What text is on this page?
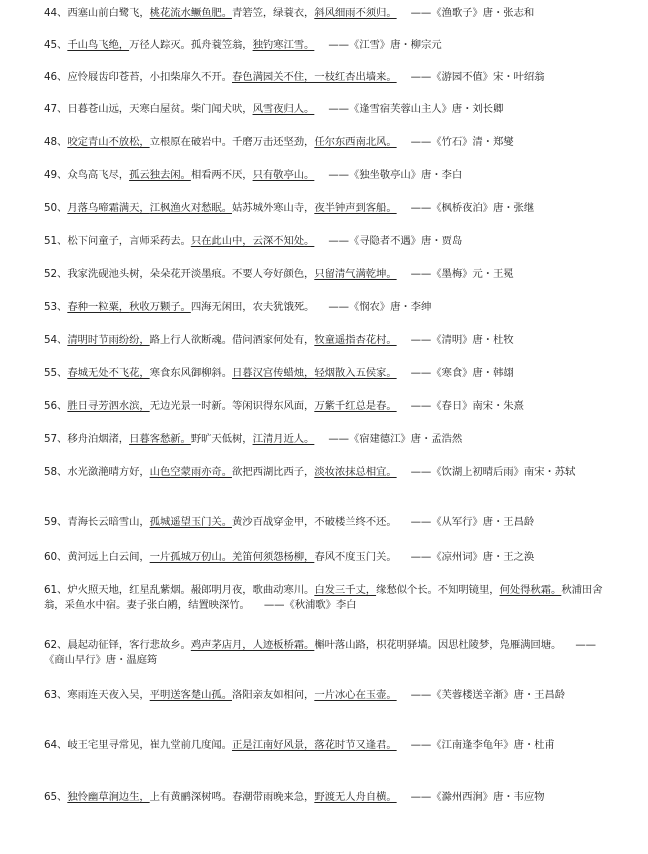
44、西塞山前白鹭飞，桃花流水鳜鱼肥。青箬笠，绿蓑衣，斜风细雨不须归。 ——《渔歌子》唐・张志和
45、千山鸟飞绝，万径人踪灭。孤舟蓑笠翁，独钓寒江雪。 ——《江雪》唐・柳宗元
46、应怜屐齿印苍苔，小扣柴扉久不开。春色满园关不住，一枝红杏出墙来。 ——《游园不值》宋・叶绍翁
47、日暮苍山远，天寒白屋贫。柴门闻犬吠，风雪夜归人。 ——《逢雪宿芙蓉山主人》唐・刘长卿
48、咬定青山不放松，立根原在破岩中。千磨万击还坚劲，任尔东西南北风。 ——《竹石》清・郑燮
49、众鸟高飞尽，孤云独去闲。相看两不厌，只有敬亭山。 ——《独坐敬亭山》唐・李白
50、月落乌啼霜满天，江枫渔火对愁眠。姑苏城外寒山寺，夜半钟声到客船。 ——《枫桥夜泊》唐・张继
51、松下问童子，言师采药去。只在此山中，云深不知处。 ——《寻隐者不遇》唐・贾岛
52、我家洗砚池头树，朵朵花开淡墨痕。不要人夸好颜色，只留清气满乾坤。 ——《墨梅》元・王冕
53、春种一粒粟，秋收万颗子。四海无闲田，农夫犹饿死。 ——《悯农》唐・李绅
54、清明时节雨纷纷，路上行人欲断魂。借问酒家何处有，牧童遥指杏花村。 ——《清明》唐・杜牧
55、春城无处不飞花，寒食东风御柳斜。日暮汉宫传蜡烛，轻烟散入五侯家。 ——《寒食》唐・韩翃
56、胜日寻芳泗水滨，无边光景一时新。等闲识得东风面，万紫千红总是春。 ——《春日》南宋・朱熹
57、移舟泊烟渚，日暮客愁新。野旷天低树，江清月近人。 ——《宿建德江》唐・孟浩然
58、水光潋滟晴方好，山色空蒙雨亦奇。欲把西湖比西子，淡妆浓抹总相宜。 ——《饮湖上初晴后雨》南宋・苏轼
59、青海长云暗雪山，孤城遥望玉门关。黄沙百战穿金甲，不破楼兰终不还。 ——《从军行》唐・王昌龄
60、黄河远上白云间，一片孤城万仞山。羌笛何须怨杨柳，春风不度玉门关。 ——《凉州词》唐・王之涣
61、炉火照天地，红星乱紫烟。赧郎明月夜，歌曲动寒川。白发三千丈，缘愁似个长。不知明镜里，何处得秋霜。秋浦田舍翁，采鱼水中宿。妻子张白鹇，结置映深竹。 ——《秋浦歌》李白
62、晨起动征铎，客行悲故乡。鸡声茅店月，人迹板桥霜。槲叶落山路，枳花明驿墙。因思杜陵梦，凫雁满回塘。 ——《商山早行》唐・温庭筠
63、寒雨连天夜入吴，平明送客楚山孤。洛阳亲友如相问，一片冰心在玉壶。 ——《芙蓉楼送辛渐》唐・王昌龄
64、岐王宅里寻常见，崔九堂前几度闻。正是江南好风景，落花时节又逢君。 ——《江南逢李龟年》唐・杜甫
65、独怜幽草涧边生，上有黄鹂深树鸣。春潮带雨晚来急，野渡无人舟自横。 ——《滁州西涧》唐・韦应物
